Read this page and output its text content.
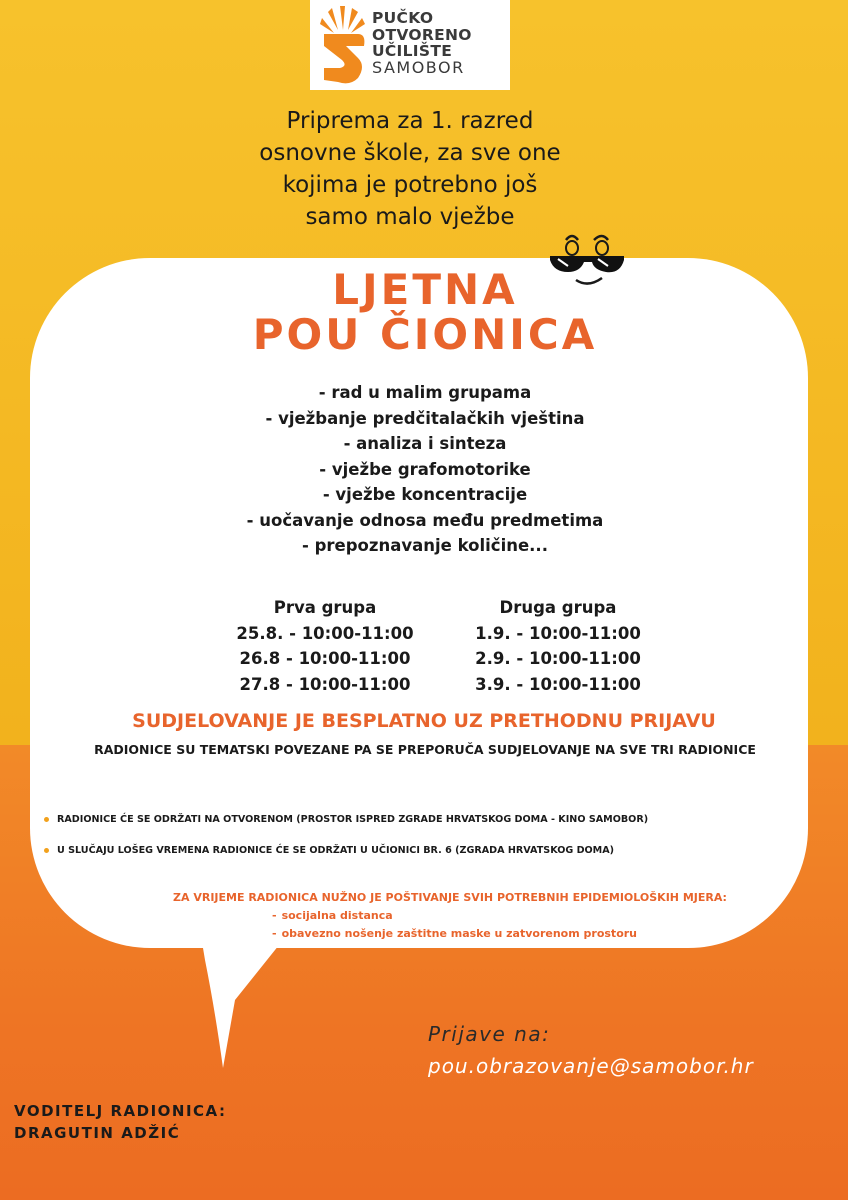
PUČKO
OTVORENO
UČILIŠTE
SAMOBOR
Priprema za 1. razred
osnovne škole, za sve one
kojima je potrebno još
samo malo vježbe
LJETNA
POU ČIONICA
- rad u malim grupama
- vježbanje predčitalačkih vještina
- analiza i sinteza
- vježbe grafomotorike
- vježbe koncentracije
- uočavanje odnosa među predmetima
- prepoznavanje količine...
Prva grupa
25.8. - 10:00-11:00
26.8 - 10:00-11:00
27.8 - 10:00-11:00
Druga grupa
1.9. - 10:00-11:00
2.9. - 10:00-11:00
3.9. - 10:00-11:00
SUDJELOVANJE JE BESPLATNO UZ PRETHODNU PRIJAVU
RADIONICE SU TEMATSKI POVEZANE PA SE PREPORUČA SUDJELOVANJE NA SVE TRI RADIONICE
RADIONICE ĆE SE ODRŽATI NA OTVORENOM (PROSTOR ISPRED ZGRADE HRVATSKOG DOMA - KINO SAMOBOR)
U SLUČAJU LOŠEG VREMENA RADIONICE ĆE SE ODRŽATI U UČIONICI BR. 6 (ZGRADA HRVATSKOG DOMA)
ZA VRIJEME RADIONICA NUŽNO JE POŠTIVANJE SVIH POTREBNIH EPIDEMIOLOŠKIH MJERA:
- socijalna distanca
- obavezno nošenje zaštitne maske u zatvorenom prostoru
Prijave na:
pou.obrazovanje@samobor.hr
VODITELJ RADIONICA:
DRAGUTIN ADŽIĆ
